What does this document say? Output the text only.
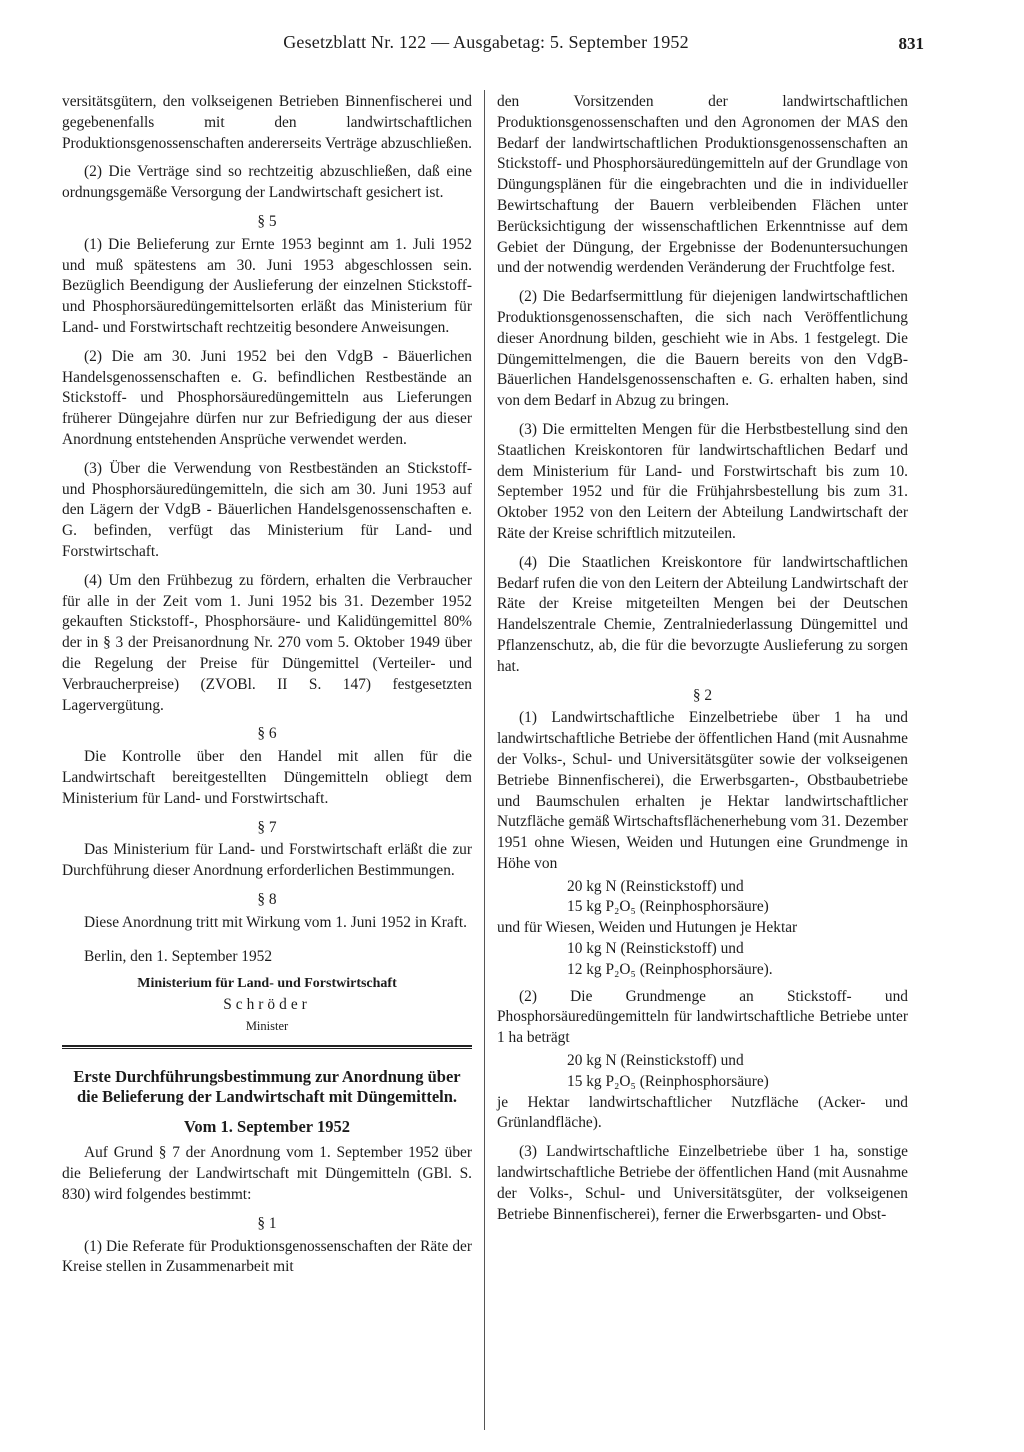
Gesetzblatt Nr. 122 — Ausgabetag: 5. September 1952	831

versitätsgütern, den volkseigenen Betrieben Binnenfischerei und gegebenenfalls mit den landwirtschaftlichen Produktionsgenossenschaften andererseits Verträge abzuschließen.

(2) Die Verträge sind so rechtzeitig abzuschließen, daß eine ordnungsgemäße Versorgung der Landwirtschaft gesichert ist.

§ 5

(1) Die Belieferung zur Ernte 1953 beginnt am 1. Juli 1952 und muß spätestens am 30. Juni 1953 abgeschlossen sein. Bezüglich Beendigung der Auslieferung der einzelnen Stickstoff- und Phosphorsäuredüngemittelsorten erläßt das Ministerium für Land- und Forstwirtschaft rechtzeitig besondere Anweisungen.

(2) Die am 30. Juni 1952 bei den VdgB - Bäuerlichen Handelsgenossenschaften e. G. befindlichen Restbestände an Stickstoff- und Phosphorsäuredüngemitteln aus Lieferungen früherer Düngejahre dürfen nur zur Befriedigung der aus dieser Anordnung entstehenden Ansprüche verwendet werden.

(3) Über die Verwendung von Restbeständen an Stickstoff- und Phosphorsäuredüngemitteln, die sich am 30. Juni 1953 auf den Lägern der VdgB - Bäuerlichen Handelsgenossenschaften e. G. befinden, verfügt das Ministerium für Land- und Forstwirtschaft.

(4) Um den Frühbezug zu fördern, erhalten die Verbraucher für alle in der Zeit vom 1. Juni 1952 bis 31. Dezember 1952 gekauften Stickstoff-, Phosphorsäure- und Kalidüngemittel 80% der in § 3 der Preisanordnung Nr. 270 vom 5. Oktober 1949 über die Regelung der Preise für Düngemittel (Verteiler- und Verbraucherpreise) (ZVOBl. II S. 147) festgesetzten Lagervergütung.

§ 6

Die Kontrolle über den Handel mit allen für die Landwirtschaft bereitgestellten Düngemitteln obliegt dem Ministerium für Land- und Forstwirtschaft.

§ 7

Das Ministerium für Land- und Forstwirtschaft erläßt die zur Durchführung dieser Anordnung erforderlichen Bestimmungen.

§ 8

Diese Anordnung tritt mit Wirkung vom 1. Juni 1952 in Kraft.

Berlin, den 1. September 1952
Ministerium für Land- und Forstwirtschaft
Schröder
Minister
Erste Durchführungsbestimmung zur Anordnung über die Belieferung der Landwirtschaft mit Düngemitteln.
Vom 1. September 1952

Auf Grund § 7 der Anordnung vom 1. September 1952 über die Belieferung der Landwirtschaft mit Düngemitteln (GBl. S. 830) wird folgendes bestimmt:

§ 1

(1) Die Referate für Produktionsgenossenschaften der Räte der Kreise stellen in Zusammenarbeit mit

den Vorsitzenden der landwirtschaftlichen Produktionsgenossenschaften und den Agronomen der MAS den Bedarf der landwirtschaftlichen Produktionsgenossenschaften an Stickstoff- und Phosphorsäuredüngemitteln auf der Grundlage von Düngungsplänen für die eingebrachten und die in individueller Bewirtschaftung der Bauern verbleibenden Flächen unter Berücksichtigung der wissenschaftlichen Erkenntnisse auf dem Gebiet der Düngung, der Ergebnisse der Bodenuntersuchungen und der notwendig werdenden Veränderung der Fruchtfolge fest.

(2) Die Bedarfsermittlung für diejenigen landwirtschaftlichen Produktionsgenossenschaften, die sich nach Veröffentlichung dieser Anordnung bilden, geschieht wie in Abs. 1 festgelegt. Die Düngemittelmengen, die die Bauern bereits von den VdgB-Bäuerlichen Handelsgenossenschaften e. G. erhalten haben, sind von dem Bedarf in Abzug zu bringen.

(3) Die ermittelten Mengen für die Herbstbestellung sind den Staatlichen Kreiskontoren für landwirtschaftlichen Bedarf und dem Ministerium für Land- und Forstwirtschaft bis zum 10. September 1952 und für die Frühjahrsbestellung bis zum 31. Oktober 1952 von den Leitern der Abteilung Landwirtschaft der Räte der Kreise schriftlich mitzuteilen.

(4) Die Staatlichen Kreiskontore für landwirtschaftlichen Bedarf rufen die von den Leitern der Abteilung Landwirtschaft der Räte der Kreise mitgeteilten Mengen bei der Deutschen Handelszentrale Chemie, Zentralniederlassung Düngemittel und Pflanzenschutz, ab, die für die bevorzugte Auslieferung zu sorgen hat.

§ 2

(1) Landwirtschaftliche Einzelbetriebe über 1 ha und landwirtschaftliche Betriebe der öffentlichen Hand (mit Ausnahme der Volks-, Schul- und Universitätsgüter sowie der volkseigenen Betriebe Binnenfischerei), die Erwerbsgarten-, Obstbaubetriebe und Baumschulen erhalten je Hektar landwirtschaftlicher Nutzfläche gemäß Wirtschaftsflächenerhebung vom 31. Dezember 1951 ohne Wiesen, Weiden und Hutungen eine Grundmenge in Höhe von

20 kg N (Reinstickstoff) und
15 kg P₂O₅ (Reinphosphorsäure)

und für Wiesen, Weiden und Hutungen je Hektar

10 kg N (Reinstickstoff) und
12 kg P₂O₅ (Reinphosphorsäure).

(2) Die Grundmenge an Stickstoff- und Phosphorsäuredüngemitteln für landwirtschaftliche Betriebe unter 1 ha beträgt

20 kg N (Reinstickstoff) und
15 kg P₂O₅ (Reinphosphorsäure)

je Hektar landwirtschaftlicher Nutzfläche (Acker- und Grünlandfläche).

(3) Landwirtschaftliche Einzelbetriebe über 1 ha, sonstige landwirtschaftliche Betriebe der öffentlichen Hand (mit Ausnahme der Volks-, Schul- und Universitätsgüter, der volkseigenen Betriebe Binnenfischerei), ferner die Erwerbsgarten- und Obst-
